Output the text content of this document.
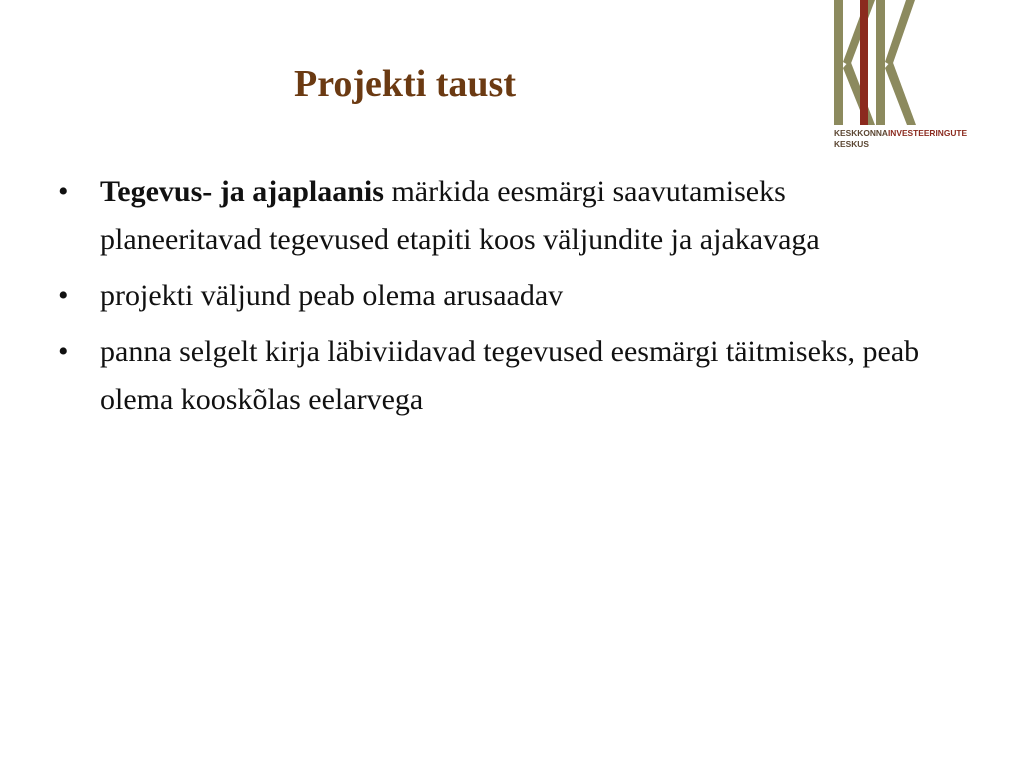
Projekti taust
KESKKONNAINVESTEERINGUTE
KESKUS
• Tegevus- ja ajaplaanis märkida eesmärgi saavutamiseks planeeritavad tegevused etapiti koos väljundite ja ajakavaga
• projekti väljund peab olema arusaadav
• panna selgelt kirja läbiviidavad tegevused eesmärgi täitmiseks, peab olema kooskõlas eelarvega
